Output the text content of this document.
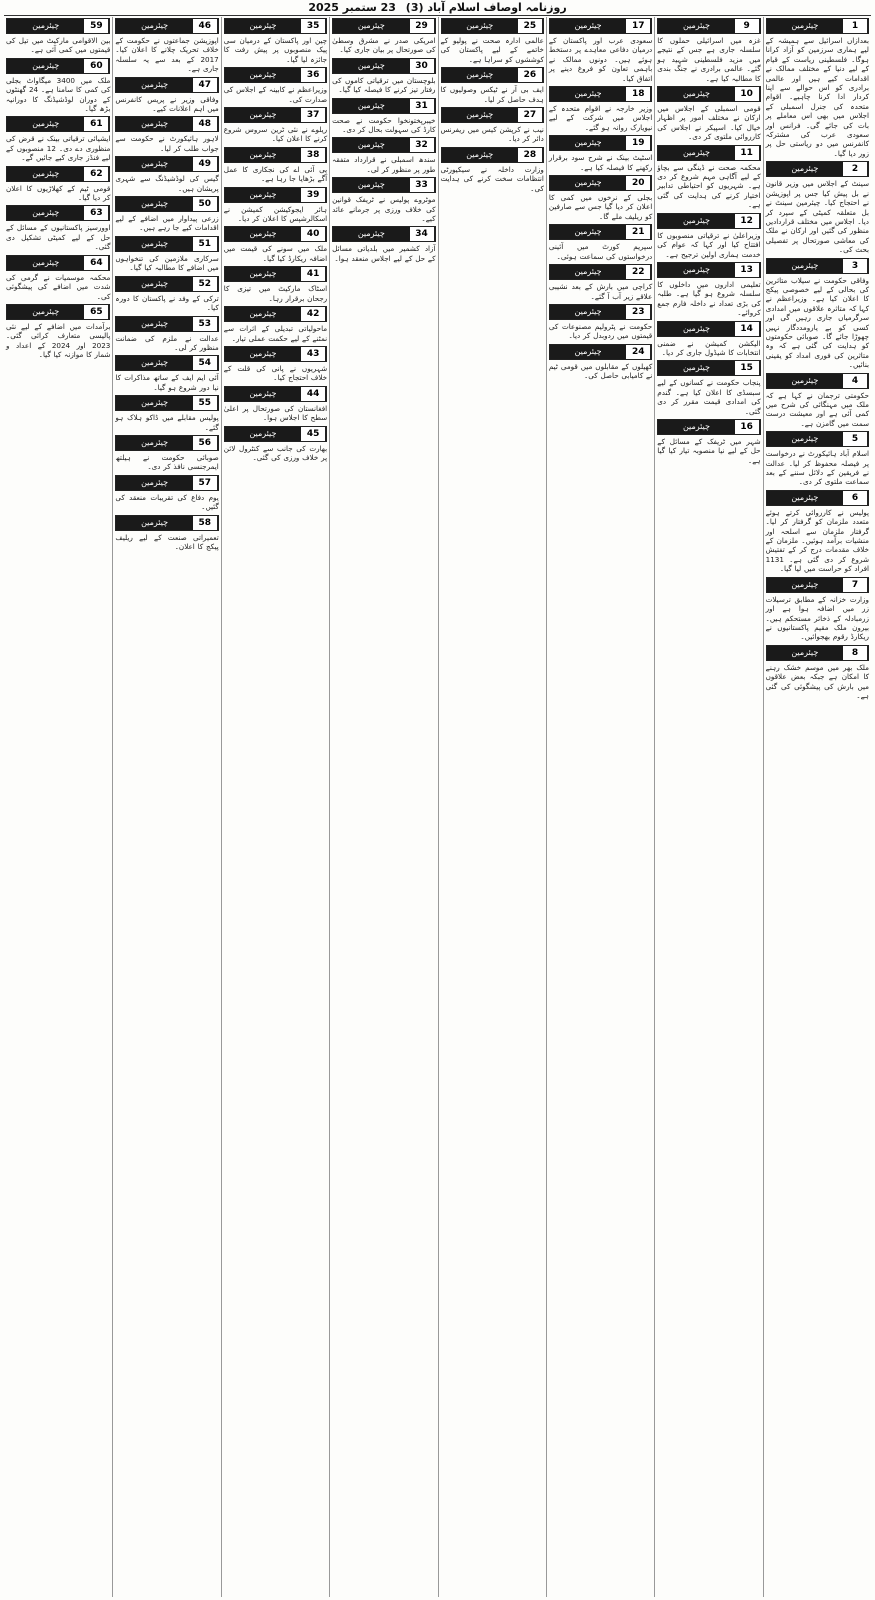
روزنامہ اوصاف اسلام آباد (3) 23 ستمبر 2025
1
چیئرمین
بعدازاں اسرائیل سے ہمیشہ کے لیے ہماری سرزمین کو آزاد کرانا ہوگا۔ فلسطینی ریاست کے قیام کے لیے دنیا کے مختلف ممالک نے اقدامات کیے ہیں اور عالمی برادری کو اس حوالے سے اپنا کردار ادا کرنا چاہیے۔ اقوام متحدہ کی جنرل اسمبلی کے اجلاس میں بھی اس معاملے پر بات کی جائے گی۔ فرانس اور سعودی عرب کی مشترکہ کانفرنس میں دو ریاستی حل پر زور دیا گیا۔
2
چیئرمین
سینٹ کے اجلاس میں وزیر قانون نے بل پیش کیا جس پر اپوزیشن نے احتجاج کیا۔ چیئرمین سینٹ نے بل متعلقہ کمیٹی کے سپرد کر دیا۔ اجلاس میں مختلف قراردادیں منظور کی گئیں اور ارکان نے ملک کی معاشی صورتحال پر تفصیلی بحث کی۔
3
چیئرمین
وفاقی حکومت نے سیلاب متاثرین کی بحالی کے لیے خصوصی پیکج کا اعلان کیا ہے۔ وزیراعظم نے کہا کہ متاثرہ علاقوں میں امدادی سرگرمیاں جاری رہیں گی اور کسی کو بے یارومددگار نہیں چھوڑا جائے گا۔ صوبائی حکومتوں کو ہدایت کی گئی ہے کہ وہ متاثرین کی فوری امداد کو یقینی بنائیں۔
4
چیئرمین
حکومتی ترجمان نے کہا ہے کہ ملک میں مہنگائی کی شرح میں کمی آئی ہے اور معیشت درست سمت میں گامزن ہے۔
5
چیئرمین
اسلام آباد ہائیکورٹ نے درخواست پر فیصلہ محفوظ کر لیا۔ عدالت نے فریقین کے دلائل سننے کے بعد سماعت ملتوی کر دی۔
6
چیئرمین
پولیس نے کارروائی کرتے ہوئے متعدد ملزمان کو گرفتار کر لیا۔ گرفتار ملزمان سے اسلحہ اور منشیات برآمد ہوئیں۔ ملزمان کے خلاف مقدمات درج کر کے تفتیش شروع کر دی گئی ہے۔ 1131 افراد کو حراست میں لیا گیا۔
7
چیئرمین
وزارت خزانہ کے مطابق ترسیلات زر میں اضافہ ہوا ہے اور زرمبادلہ کے ذخائر مستحکم ہیں۔ بیرون ملک مقیم پاکستانیوں نے ریکارڈ رقوم بھجوائیں۔
8
چیئرمین
ملک بھر میں موسم خشک رہنے کا امکان ہے جبکہ بعض علاقوں میں بارش کی پیشگوئی کی گئی ہے۔
9
چیئرمین
غزہ میں اسرائیلی حملوں کا سلسلہ جاری ہے جس کے نتیجے میں مزید فلسطینی شہید ہو گئے۔ عالمی برادری نے جنگ بندی کا مطالبہ کیا ہے۔
10
چیئرمین
قومی اسمبلی کے اجلاس میں ارکان نے مختلف امور پر اظہار خیال کیا۔ اسپیکر نے اجلاس کی کارروائی ملتوی کر دی۔
11
چیئرمین
محکمہ صحت نے ڈینگی سے بچاؤ کے لیے آگاہی مہم شروع کر دی ہے۔ شہریوں کو احتیاطی تدابیر اختیار کرنے کی ہدایت کی گئی ہے۔
12
چیئرمین
وزیراعلیٰ نے ترقیاتی منصوبوں کا افتتاح کیا اور کہا کہ عوام کی خدمت ہماری اولین ترجیح ہے۔
13
چیئرمین
تعلیمی اداروں میں داخلوں کا سلسلہ شروع ہو گیا ہے۔ طلبہ کی بڑی تعداد نے داخلہ فارم جمع کروائے۔
14
چیئرمین
الیکشن کمیشن نے ضمنی انتخابات کا شیڈول جاری کر دیا۔
15
چیئرمین
پنجاب حکومت نے کسانوں کے لیے سبسڈی کا اعلان کیا ہے۔ گندم کی امدادی قیمت مقرر کر دی گئی۔
16
چیئرمین
شہر میں ٹریفک کے مسائل کے حل کے لیے نیا منصوبہ تیار کیا گیا ہے۔
17
چیئرمین
سعودی عرب اور پاکستان کے درمیان دفاعی معاہدے پر دستخط ہوئے ہیں۔ دونوں ممالک نے باہمی تعاون کو فروغ دینے پر اتفاق کیا۔
18
چیئرمین
وزیر خارجہ نے اقوام متحدہ کے اجلاس میں شرکت کے لیے نیویارک روانہ ہو گئے۔
19
چیئرمین
اسٹیٹ بینک نے شرح سود برقرار رکھنے کا فیصلہ کیا ہے۔
20
چیئرمین
بجلی کے نرخوں میں کمی کا اعلان کر دیا گیا جس سے صارفین کو ریلیف ملے گا۔
21
چیئرمین
سپریم کورٹ میں آئینی درخواستوں کی سماعت ہوئی۔
22
چیئرمین
کراچی میں بارش کے بعد نشیبی علاقے زیر آب آ گئے۔
23
چیئرمین
حکومت نے پٹرولیم مصنوعات کی قیمتوں میں ردوبدل کر دیا۔
24
چیئرمین
کھیلوں کے مقابلوں میں قومی ٹیم نے کامیابی حاصل کی۔
25
چیئرمین
عالمی ادارہ صحت نے پولیو کے خاتمے کے لیے پاکستان کی کوششوں کو سراہا ہے۔
26
چیئرمین
ایف بی آر نے ٹیکس وصولیوں کا ہدف حاصل کر لیا۔
27
چیئرمین
نیب نے کرپشن کیس میں ریفرنس دائر کر دیا۔
28
چیئرمین
وزارت داخلہ نے سیکیورٹی انتظامات سخت کرنے کی ہدایت کی۔
29
چیئرمین
امریکی صدر نے مشرق وسطیٰ کی صورتحال پر بیان جاری کیا۔
30
چیئرمین
بلوچستان میں ترقیاتی کاموں کی رفتار تیز کرنے کا فیصلہ کیا گیا۔
31
چیئرمین
خیبرپختونخوا حکومت نے صحت کارڈ کی سہولت بحال کر دی۔
32
چیئرمین
سندھ اسمبلی نے قرارداد متفقہ طور پر منظور کر لی۔
33
چیئرمین
موٹروے پولیس نے ٹریفک قوانین کی خلاف ورزی پر جرمانے عائد کیے۔
34
چیئرمین
آزاد کشمیر میں بلدیاتی مسائل کے حل کے لیے اجلاس منعقد ہوا۔
35
چیئرمین
چین اور پاکستان کے درمیان سی پیک منصوبوں پر پیش رفت کا جائزہ لیا گیا۔
36
چیئرمین
وزیراعظم نے کابینہ کے اجلاس کی صدارت کی۔
37
چیئرمین
ریلوے نے نئی ٹرین سروس شروع کرنے کا اعلان کیا۔
38
چیئرمین
پی آئی اے کی نجکاری کا عمل آگے بڑھایا جا رہا ہے۔
39
چیئرمین
ہائر ایجوکیشن کمیشن نے اسکالرشپس کا اعلان کر دیا۔
40
چیئرمین
ملک میں سونے کی قیمت میں اضافہ ریکارڈ کیا گیا۔
41
چیئرمین
اسٹاک مارکیٹ میں تیزی کا رجحان برقرار رہا۔
42
چیئرمین
ماحولیاتی تبدیلی کے اثرات سے نمٹنے کے لیے حکمت عملی تیار۔
43
چیئرمین
شہریوں نے پانی کی قلت کے خلاف احتجاج کیا۔
44
چیئرمین
افغانستان کی صورتحال پر اعلیٰ سطح کا اجلاس ہوا۔
45
چیئرمین
بھارت کی جانب سے کنٹرول لائن پر خلاف ورزی کی گئی۔
46
چیئرمین
اپوزیشن جماعتوں نے حکومت کے خلاف تحریک چلانے کا اعلان کیا۔ 2017 کے بعد سے یہ سلسلہ جاری ہے۔
47
چیئرمین
وفاقی وزیر نے پریس کانفرنس میں اہم اعلانات کیے۔
48
چیئرمین
لاہور ہائیکورٹ نے حکومت سے جواب طلب کر لیا۔
49
چیئرمین
گیس کی لوڈشیڈنگ سے شہری پریشان ہیں۔
50
چیئرمین
زرعی پیداوار میں اضافے کے لیے اقدامات کیے جا رہے ہیں۔
51
چیئرمین
سرکاری ملازمین کی تنخواہوں میں اضافے کا مطالبہ کیا گیا۔
52
چیئرمین
ترکی کے وفد نے پاکستان کا دورہ کیا۔
53
چیئرمین
عدالت نے ملزم کی ضمانت منظور کر لی۔
54
چیئرمین
آئی ایم ایف کے ساتھ مذاکرات کا نیا دور شروع ہو گیا۔
55
چیئرمین
پولیس مقابلے میں ڈاکو ہلاک ہو گئے۔
56
چیئرمین
صوبائی حکومت نے ہیلتھ ایمرجنسی نافذ کر دی۔
57
چیئرمین
یوم دفاع کی تقریبات منعقد کی گئیں۔
58
چیئرمین
تعمیراتی صنعت کے لیے ریلیف پیکج کا اعلان۔
59
چیئرمین
بین الاقوامی مارکیٹ میں تیل کی قیمتوں میں کمی آئی ہے۔
60
چیئرمین
ملک میں 3400 میگاواٹ بجلی کی کمی کا سامنا ہے۔ 24 گھنٹوں کے دوران لوڈشیڈنگ کا دورانیہ بڑھ گیا۔
61
چیئرمین
ایشیائی ترقیاتی بینک نے قرض کی منظوری دے دی۔ 12 منصوبوں کے لیے فنڈز جاری کیے جائیں گے۔
62
چیئرمین
قومی ٹیم کے کھلاڑیوں کا اعلان کر دیا گیا۔
63
چیئرمین
اوورسیز پاکستانیوں کے مسائل کے حل کے لیے کمیٹی تشکیل دی گئی۔
64
چیئرمین
محکمہ موسمیات نے گرمی کی شدت میں اضافے کی پیشگوئی کی۔
65
چیئرمین
برآمدات میں اضافے کے لیے نئی پالیسی متعارف کرائی گئی۔ 2023 اور 2024 کے اعداد و شمار کا موازنہ کیا گیا۔
